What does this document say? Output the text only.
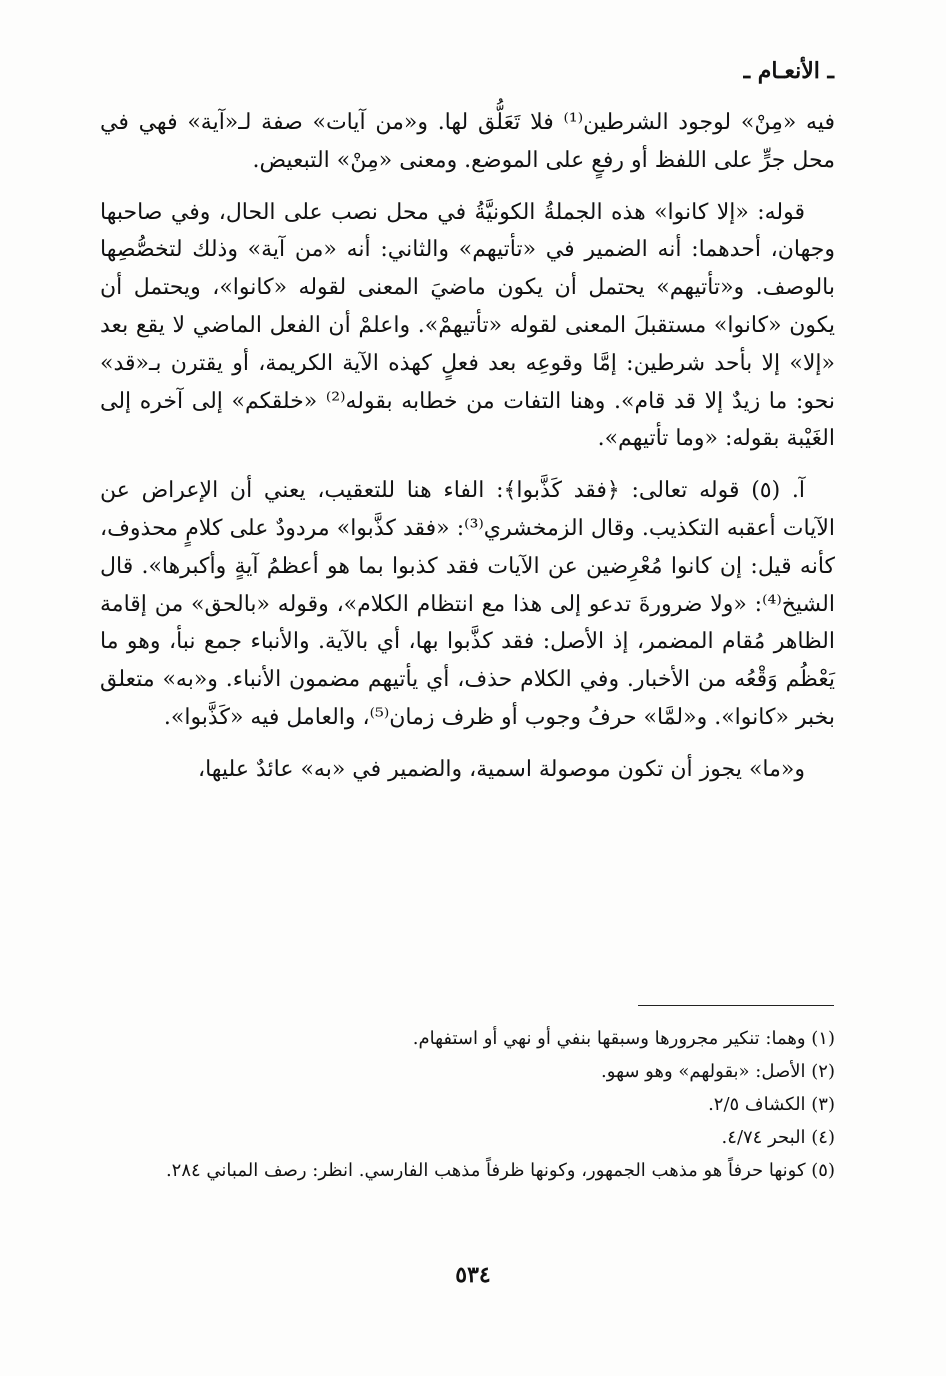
ـ الأنعـام ـ

فيه «مِنْ» لوجود الشرطين⁽¹⁾ فلا تَعَلُّق لها. و«من آيات» صفة لـ«آية» فهي في محل جرٍّ على اللفظ أو رفعٍ على الموضع. ومعنى «مِنْ» التبعيض.

قوله: «إلا كانوا» هذه الجملةُ الكونيَّةُ في محل نصب على الحال، وفي صاحبها وجهان، أحدهما: أنه الضمير في «تأتيهم» والثاني: أنه «من آية» وذلك لتخصُّصِها بالوصف. و«تأتيهم» يحتمل أن يكون ماضيَ المعنى لقوله «كانوا»، ويحتمل أن يكون «كانوا» مستقبلَ المعنى لقوله «تأتيهمْ». واعلمْ أن الفعل الماضي لا يقع بعد «إلا» إلا بأحد شرطين: إمَّا وقوعِه بعد فعلٍ كهذه الآية الكريمة، أو يقترن بـ«قد» نحو: ما زيدٌ إلا قد قام». وهنا التفات من خطابه بقوله⁽²⁾ «خلقكم» إلى آخره إلى الغَيْبة بقوله: «وما تأتيهم».

آ. (٥) قوله تعالى: ﴿فقد كَذَّبوا﴾: الفاء هنا للتعقيب، يعني أن الإعراض عن الآيات أعقبه التكذيب. وقال الزمخشري⁽³⁾: «فقد كذَّبوا» مردودٌ على كلامٍ محذوف، كأنه قيل: إن كانوا مُعْرِضين عن الآيات فقد كذبوا بما هو أعظمُ آيةٍ وأكبرها». قال الشيخ⁽⁴⁾: «ولا ضرورةَ تدعو إلى هذا مع انتظام الكلام»، وقوله «بالحق» من إقامة الظاهر مُقام المضمر، إذ الأصل: فقد كذَّبوا بها، أي بالآية. والأنباء جمع نبأ، وهو ما يَعْظُم وَقْعُه من الأخبار. وفي الكلام حذف، أي يأتيهم مضمون الأنباء. و«به» متعلق بخبر «كانوا». و«لمَّا» حرفُ وجوب أو ظرف زمان⁽⁵⁾، والعامل فيه «كَذَّبوا».

و«ما» يجوز أن تكون موصولة اسمية، والضمير في «به» عائدٌ عليها،

(١) وهما: تنكير مجرورها وسبقها بنفي أو نهي أو استفهام.

(٢) الأصل: «بقولهم» وهو سهو.

(٣) الكشاف ٢/٥.

(٤) البحر ٤/٧٤.

(٥) كونها حرفاً هو مذهب الجمهور، وكونها ظرفاً مذهب الفارسي. انظر: رصف المباني ٢٨٤.

٥٣٤
